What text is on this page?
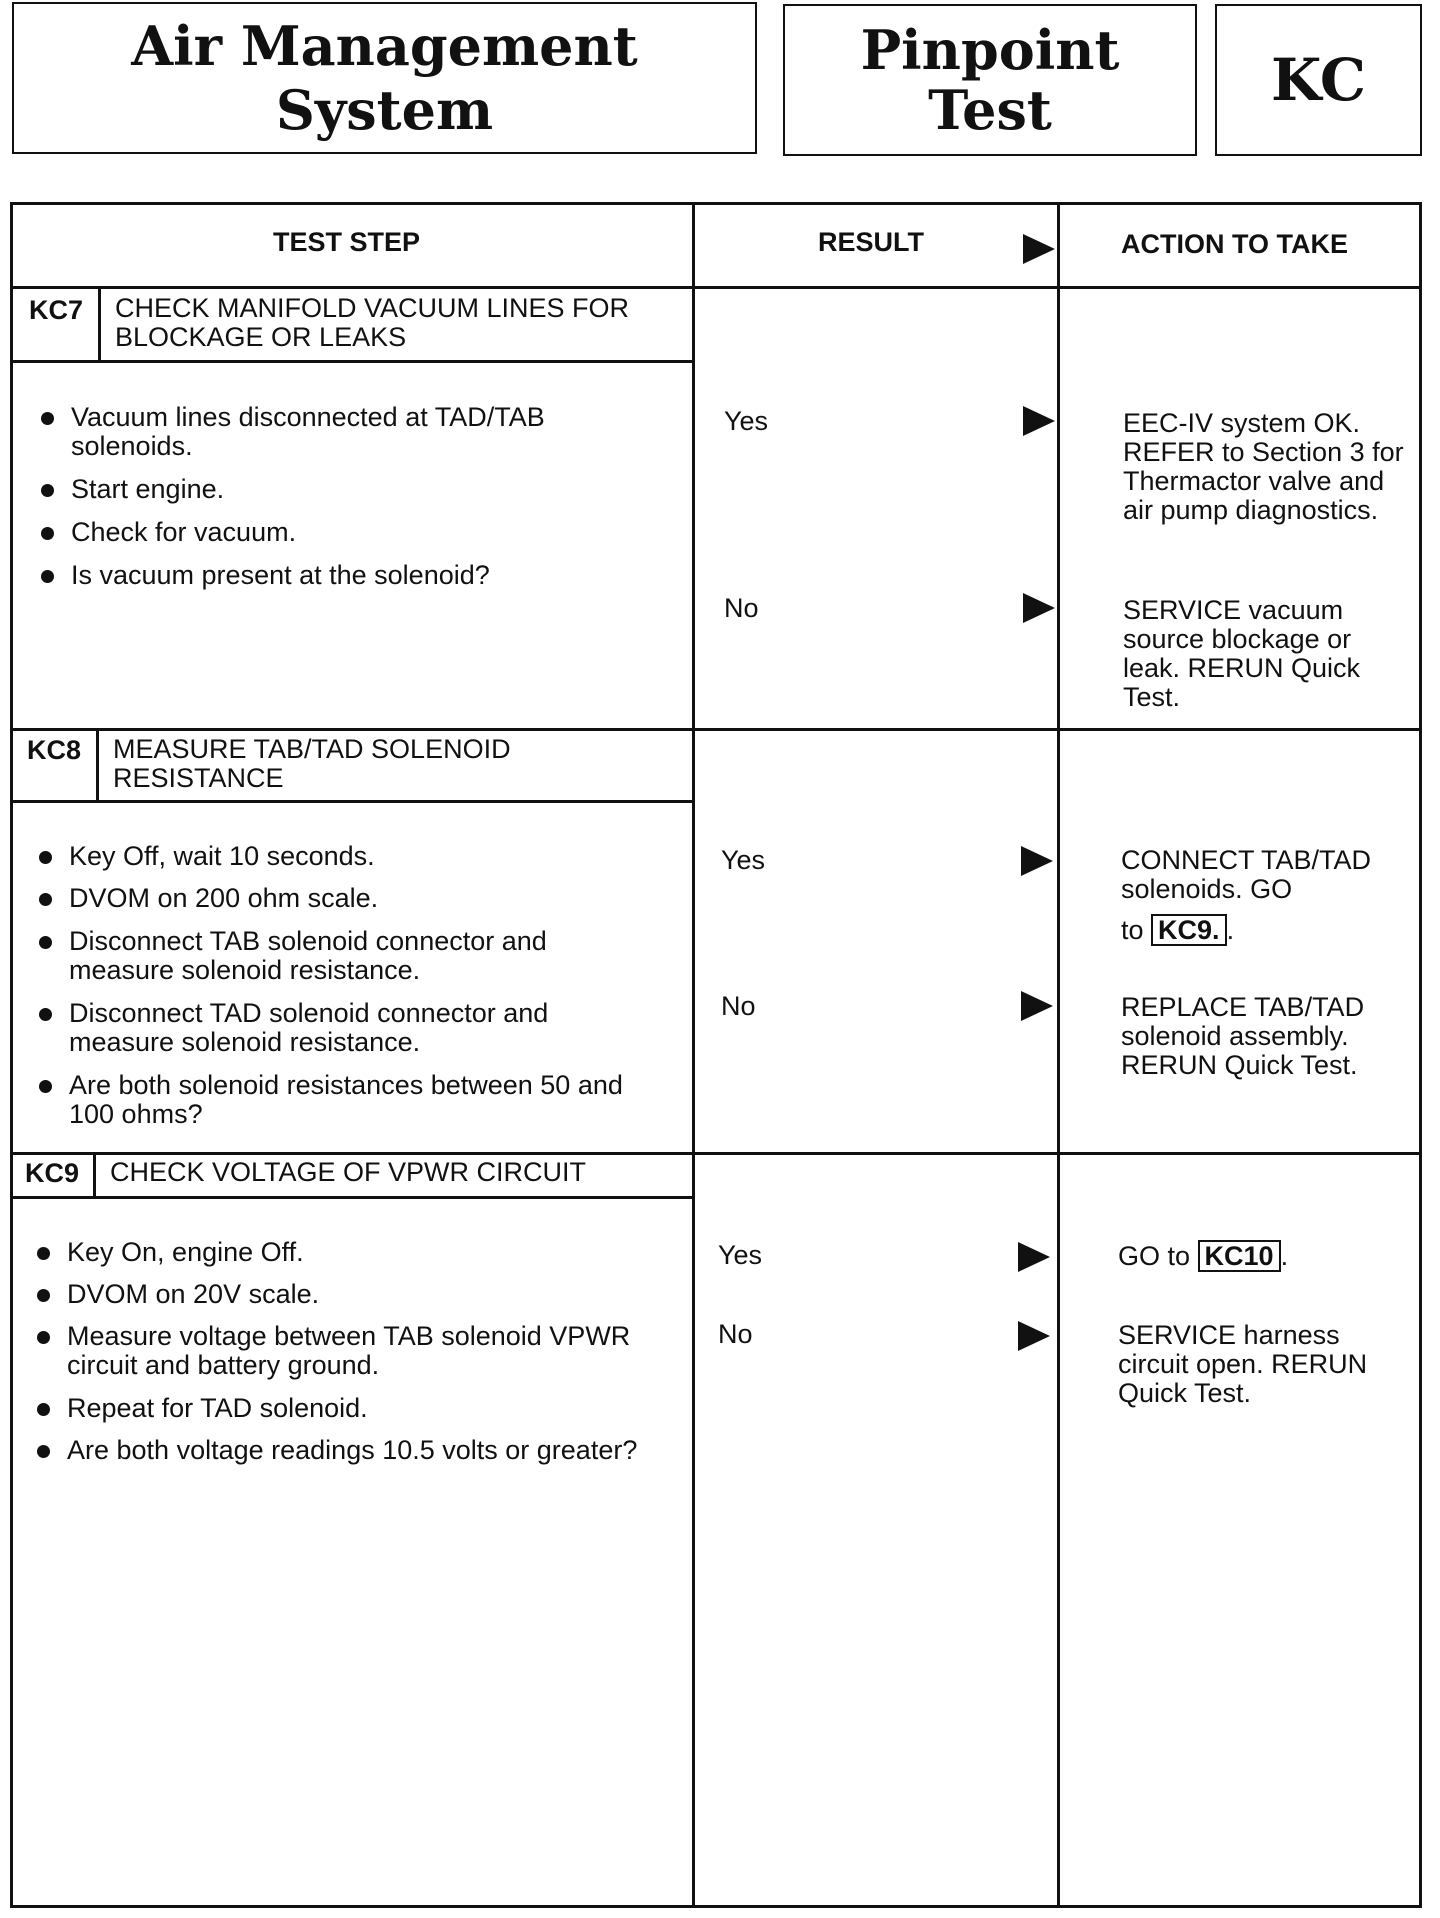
Air Management System
Pinpoint
Test	KC
TEST STEP	RESULT	ACTION TO TAKE
KC7 CHECK MANIFOLD VACUUM LINES FOR BLOCKAGE OR LEAKS
Vacuum lines disconnected at TAD/TAB solenoids.
Start engine.
Check for vacuum.
Is vacuum present at the solenoid?
Yes	EEC-IV system OK. REFER to Section 3 for Thermactor valve and air pump diagnostics.
No	SERVICE vacuum source blockage or leak. RERUN Quick Test.
KC8 MEASURE TAB/TAD SOLENOID RESISTANCE
Key Off, wait 10 seconds.
DVOM on 200 ohm scale.
Disconnect TAB solenoid connector and measure solenoid resistance.
Disconnect TAD solenoid connector and measure solenoid resistance.
Are both solenoid resistances between 50 and 100 ohms?
Yes	CONNECT TAB/TAD solenoids. GO
to KC9. .
No	REPLACE TAB/TAD solenoid assembly. RERUN Quick Test.
KC9 CHECK VOLTAGE OF VPWR CIRCUIT
Key On, engine Off.
DVOM on 20V scale.
Measure voltage between TAB solenoid VPWR circuit and battery ground.
Repeat for TAD solenoid.
Are both voltage readings 10.5 volts or greater?
Yes	GO to KC10 .
No	SERVICE harness circuit open. RERUN Quick Test.
